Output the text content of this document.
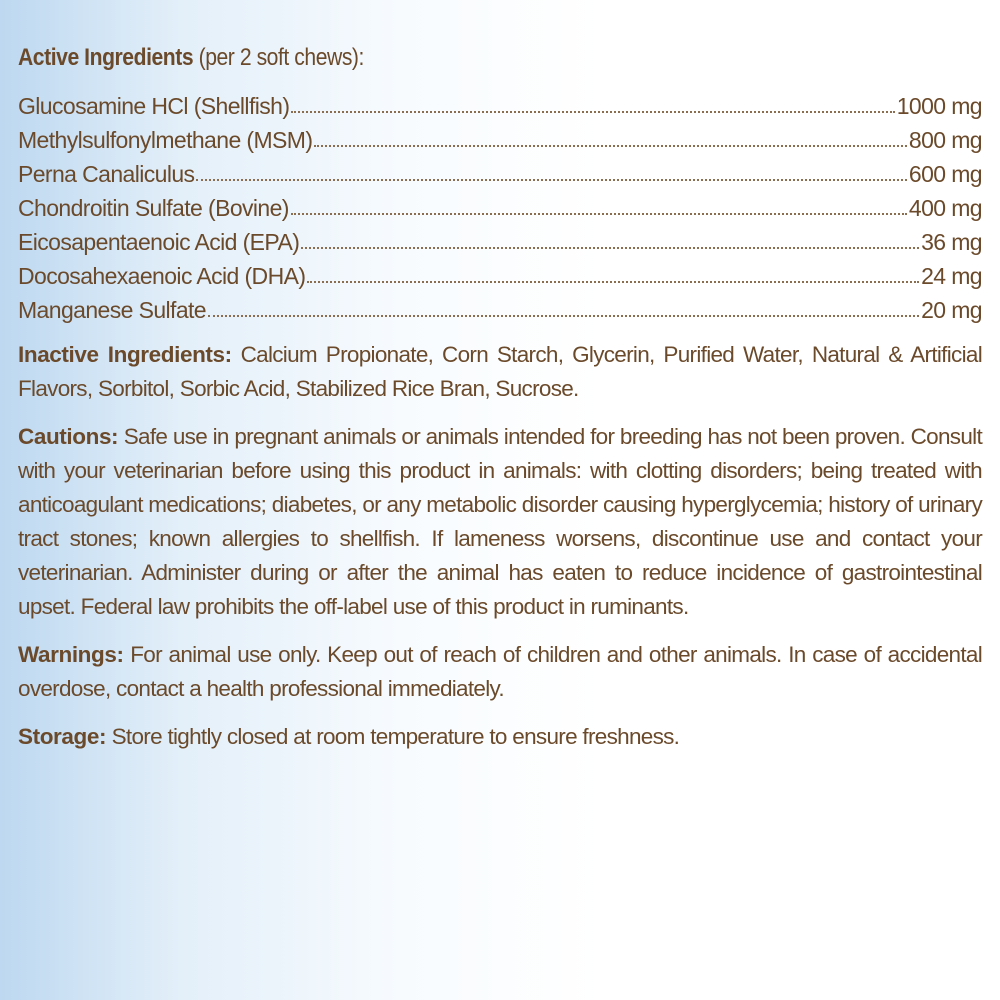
Active Ingredients (per 2 soft chews):
Glucosamine HCl (Shellfish)	1000 mg
Methylsulfonylmethane (MSM)	800 mg
Perna Canaliculus	600 mg
Chondroitin Sulfate (Bovine)	400 mg
Eicosapentaenoic Acid (EPA)	36 mg
Docosahexaenoic Acid (DHA)	24 mg
Manganese Sulfate	20 mg

Inactive Ingredients: Calcium Propionate, Corn Starch, Glycerin, Purified Water, Natural & Artificial Flavors, Sorbitol, Sorbic Acid, Stabilized Rice Bran, Sucrose.

Cautions: Safe use in pregnant animals or animals intended for breeding has not been proven. Consult with your veterinarian before using this product in animals: with clotting disorders; being treated with anticoagulant medications; diabetes, or any metabolic disorder causing hyperglycemia; history of urinary tract stones; known allergies to shellfish. If lameness worsens, discontinue use and contact your veterinarian. Administer during or after the animal has eaten to reduce incidence of gastrointestinal upset. Federal law prohibits the off-label use of this product in ruminants.

Warnings: For animal use only. Keep out of reach of children and other animals. In case of accidental overdose, contact a health professional immediately.

Storage: Store tightly closed at room temperature to ensure freshness.
